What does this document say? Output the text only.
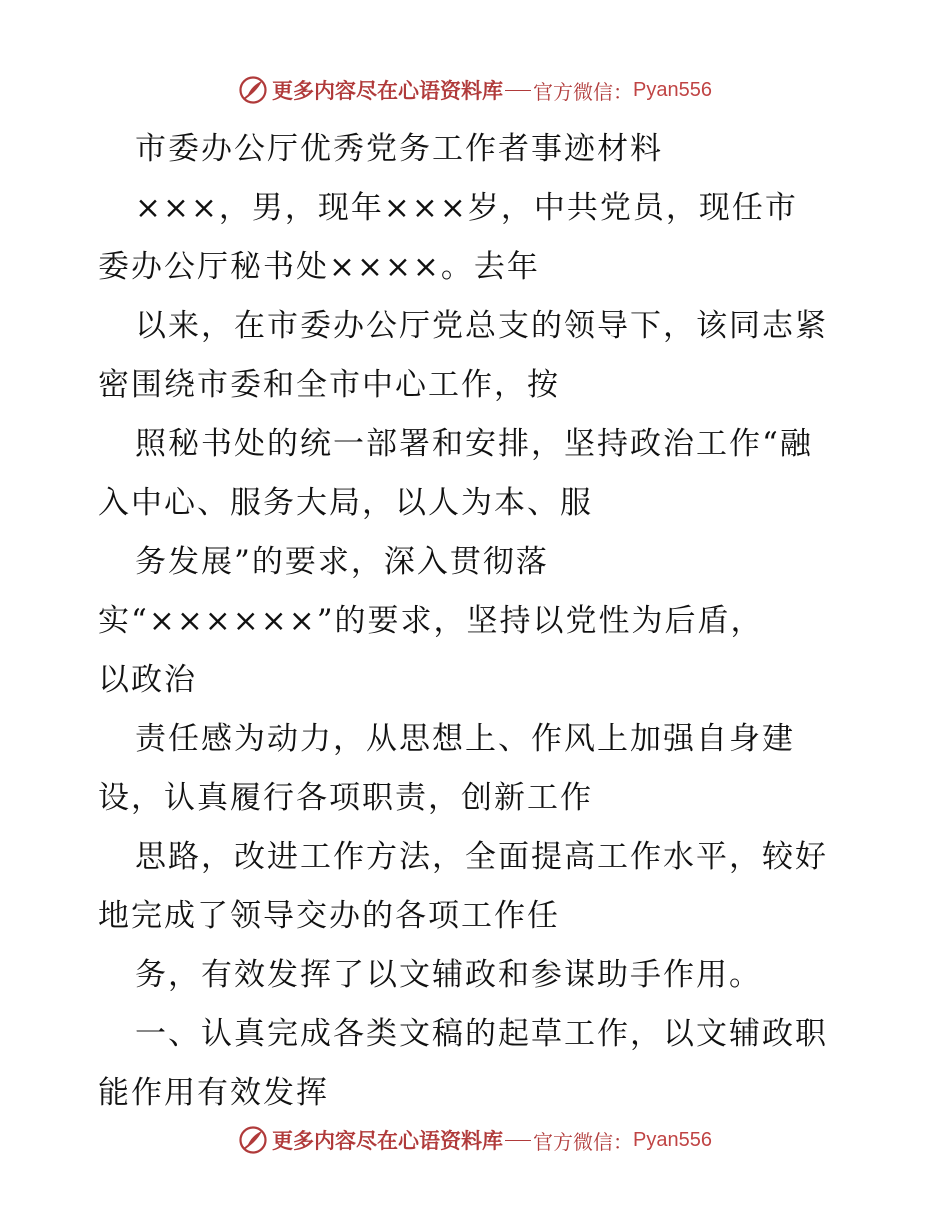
更多内容尽在心语资料库 官方微信： Pyan556
市委办公厅优秀党务工作者事迹材料
×××，男，现年×××岁，中共党员，现任市
委办公厅秘书处××××。去年
以来，在市委办公厅党总支的领导下，该同志紧
密围绕市委和全市中心工作，按
照秘书处的统一部署和安排，坚持政治工作“融
入中心、服务大局，以人为本、服
务发展”的要求，深入贯彻落
实“××××××”的要求，坚持以党性为后盾，
以政治
责任感为动力，从思想上、作风上加强自身建
设，认真履行各项职责，创新工作
思路，改进工作方法，全面提高工作水平，较好
地完成了领导交办的各项工作任
务，有效发挥了以文辅政和参谋助手作用。
一、认真完成各类文稿的起草工作，以文辅政职
能作用有效发挥
更多内容尽在心语资料库 官方微信： Pyan556
